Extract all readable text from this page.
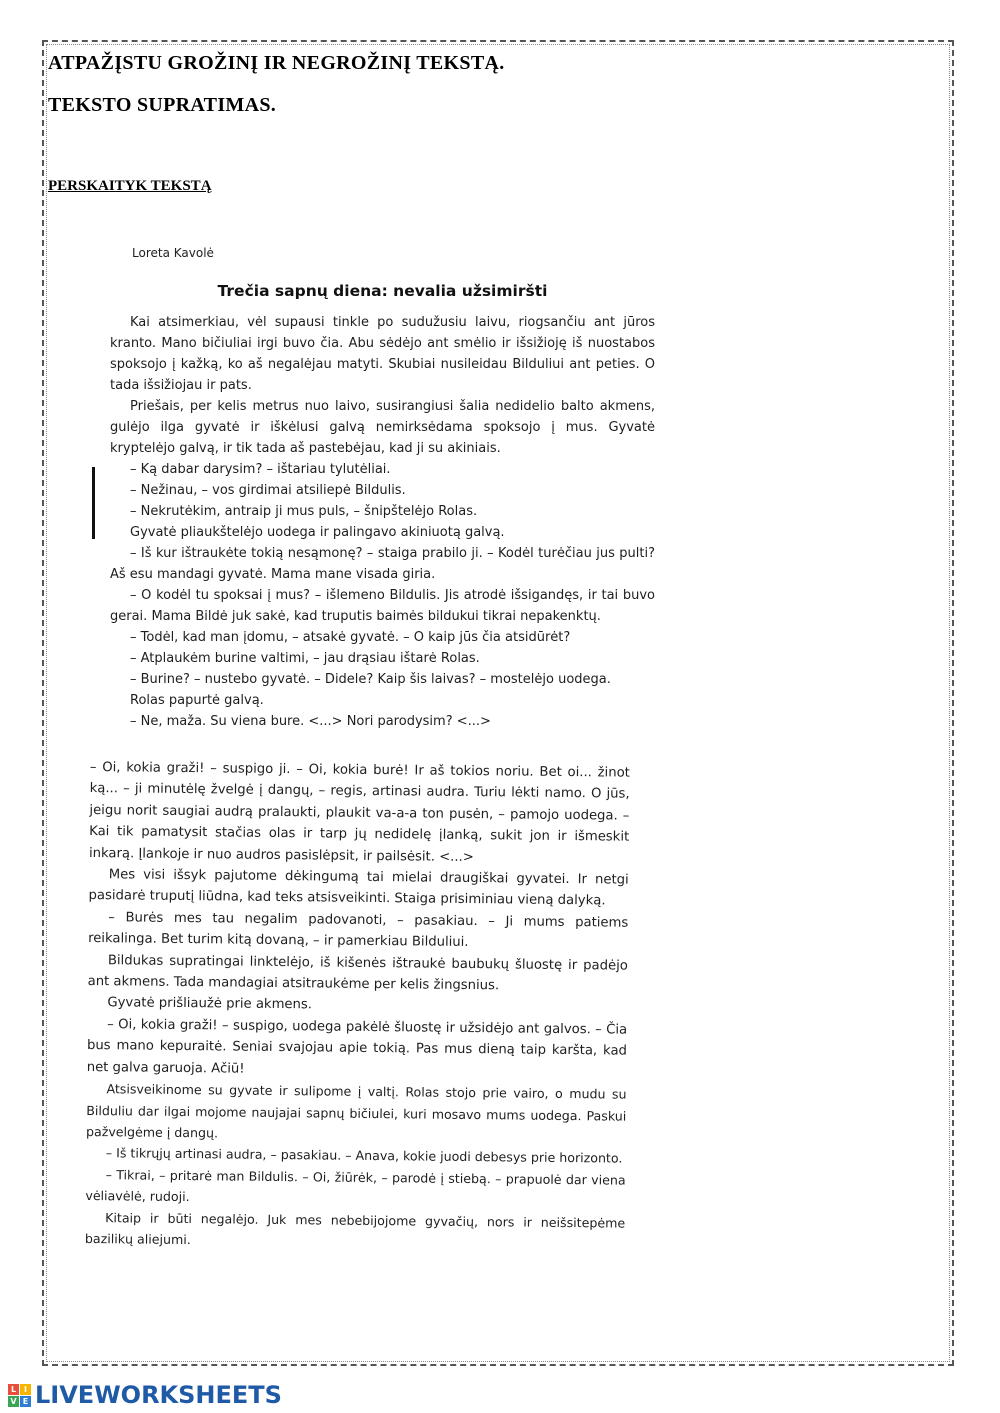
ATPAŽĮSTU GROŽINĮ IR NEGROŽINĮ TEKSTĄ.
TEKSTO SUPRATIMAS.
PERSKAITYK TEKSTĄ
Loreta Kavolė
Trečia sapnų diena: nevalia užsimiršti

Kai atsimerkiau, vėl supausi tinkle po sudužusiu laivu, riogsančiu ant jūros kranto. Mano bičiuliai irgi buvo čia. Abu sėdėjo ant smėlio ir išsižioję iš nuostabos spoksojo į kažką, ko aš negalėjau matyti. Skubiai nusileidau Bilduliui ant peties. O tada išsižiojau ir pats.

Priešais, per kelis metrus nuo laivo, susirangiusi šalia nedidelio balto akmens, gulėjo ilga gyvatė ir iškėlusi galvą nemirksėdama spoksojo į mus. Gyvatė kryptelėjo galvą, ir tik tada aš pastebėjau, kad ji su akiniais.

– Ką dabar darysim? – ištariau tylutėliai.

– Nežinau, – vos girdimai atsiliepė Bildulis.

– Nekrutėkim, antraip ji mus puls, – šnipštelėjo Rolas.

Gyvatė pliaukštelėjo uodega ir palingavo akiniuotą galvą.

– Iš kur ištraukėte tokią nesąmonę? – staiga prabilo ji. – Kodėl turėčiau jus pulti? Aš esu mandagi gyvatė. Mama mane visada giria.

– O kodėl tu spoksai į mus? – išlemeno Bildulis. Jis atrodė išsigandęs, ir tai buvo gerai. Mama Bildė juk sakė, kad truputis baimės bildukui tikrai nepakenktų.

– Todėl, kad man įdomu, – atsakė gyvatė. – O kaip jūs čia atsidūrėt?

– Atplaukėm burine valtimi, – jau drąsiau ištarė Rolas.

– Burine? – nustebo gyvatė. – Didele? Kaip šis laivas? – mostelėjo uodega.

Rolas papurtė galvą.

– Ne, maža. Su viena bure. <...> Nori parodysim? <...>

– Oi, kokia graži! – suspigo ji. – Oi, kokia burė! Ir aš tokios noriu. Bet oi... žinot ką... – ji minutėlę žvelgė į dangų, – regis, artinasi audra. Turiu lėkti namo. O jūs, jeigu norit saugiai audrą pralaukti, plaukit va-a-a ton pusėn, – pamojo uodega. – Kai tik pamatysit stačias olas ir tarp jų nedidelę įlanką, sukit jon ir išmeskit inkarą. Įlankoje ir nuo audros pasislėpsit, ir pailsėsit. <...>

Mes visi išsyk pajutome dėkingumą tai mielai draugiškai gyvatei. Ir netgi pasidarė truputį liūdna, kad teks atsisveikinti. Staiga prisiminiau vieną dalyką.

– Burės mes tau negalim padovanoti, – pasakiau. – Ji mums patiems reikalinga. Bet turim kitą dovaną, – ir pamerkiau Bilduliui.

Bildukas supratingai linktelėjo, iš kišenės ištraukė baubukų šluostę ir padėjo ant akmens. Tada mandagiai atsitraukėme per kelis žingsnius.

Gyvatė prišliaužė prie akmens.

– Oi, kokia graži! – suspigo, uodega pakėlė šluostę ir užsidėjo ant galvos. – Čia bus mano kepuraitė. Seniai svajojau apie tokią. Pas mus dieną taip karšta, kad net galva garuoja. Ačiū!

Atsisveikinome su gyvate ir sulipome į valtį. Rolas stojo prie vairo, o mudu su Bilduliu dar ilgai mojome naujajai sapnų bičiulei, kuri mosavo mums uodega. Paskui pažvelgėme į dangų.

– Iš tikrųjų artinasi audra, – pasakiau. – Anava, kokie juodi debesys prie horizonto.

– Tikrai, – pritarė man Bildulis. – Oi, žiūrėk, – parodė į stiebą. – prapuolė dar viena vėliavėlė, rudoji.

Kitaip ir būti negalėjo. Juk mes nebebijojome gyvačių, nors ir neišsitepėme bazilikų aliejumi.

L I
V E LIVEWORKSHEETS
